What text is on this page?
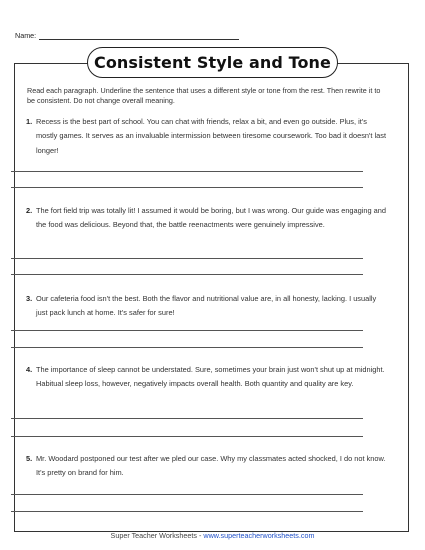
Name:
Consistent Style and Tone
Read each paragraph. Underline the sentence that uses a different style or tone from the rest. Then rewrite it to be consistent. Do not change overall meaning.
1. Recess is the best part of school. You can chat with friends, relax a bit, and even go outside. Plus, it's mostly games. It serves as an invaluable intermission between tiresome coursework. Too bad it doesn't last longer!
2. The fort field trip was totally lit! I assumed it would be boring, but I was wrong. Our guide was engaging and the food was delicious. Beyond that, the battle reenactments were genuinely impressive.
3. Our cafeteria food isn't the best. Both the flavor and nutritional value are, in all honesty, lacking. I usually just pack lunch at home. It's safer for sure!
4. The importance of sleep cannot be understated. Sure, sometimes your brain just won't shut up at midnight. Habitual sleep loss, however, negatively impacts overall health. Both quantity and quality are key.
5. Mr. Woodard postponed our test after we pled our case. Why my classmates acted shocked, I do not know. It's pretty on brand for him.
Super Teacher Worksheets - www.superteacherworksheets.com
